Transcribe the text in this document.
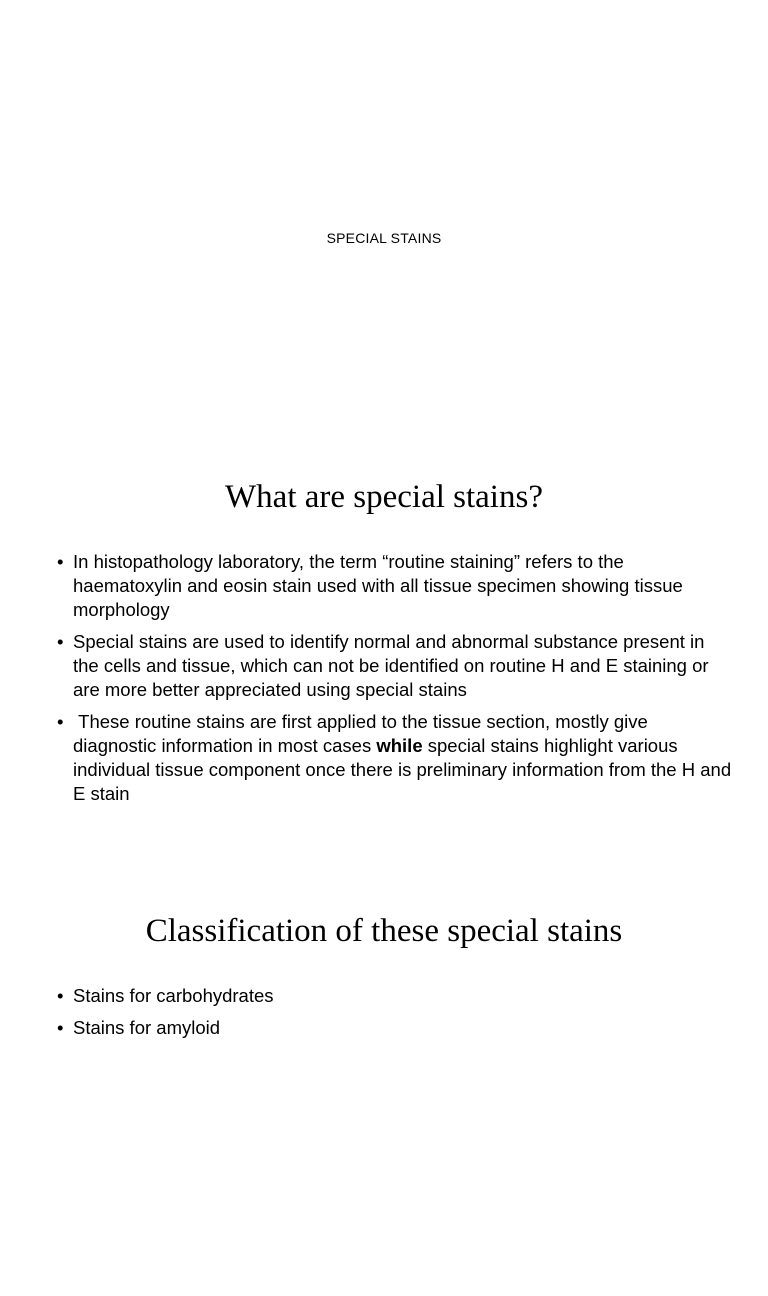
SPECIAL STAINS
What are special stains?
• In histopathology laboratory, the term “routine staining” refers to the haematoxylin and eosin stain used with all tissue specimen showing tissue morphology
• Special stains are used to identify normal and abnormal substance present in the cells and tissue, which can not be identified on routine H and E staining or are more better appreciated using special stains
• These routine stains are first applied to the tissue section, mostly give diagnostic information in most cases while special stains highlight various individual tissue component once there is preliminary information from the H and E stain
Classification of these special stains
• Stains for carbohydrates
• Stains for amyloid
